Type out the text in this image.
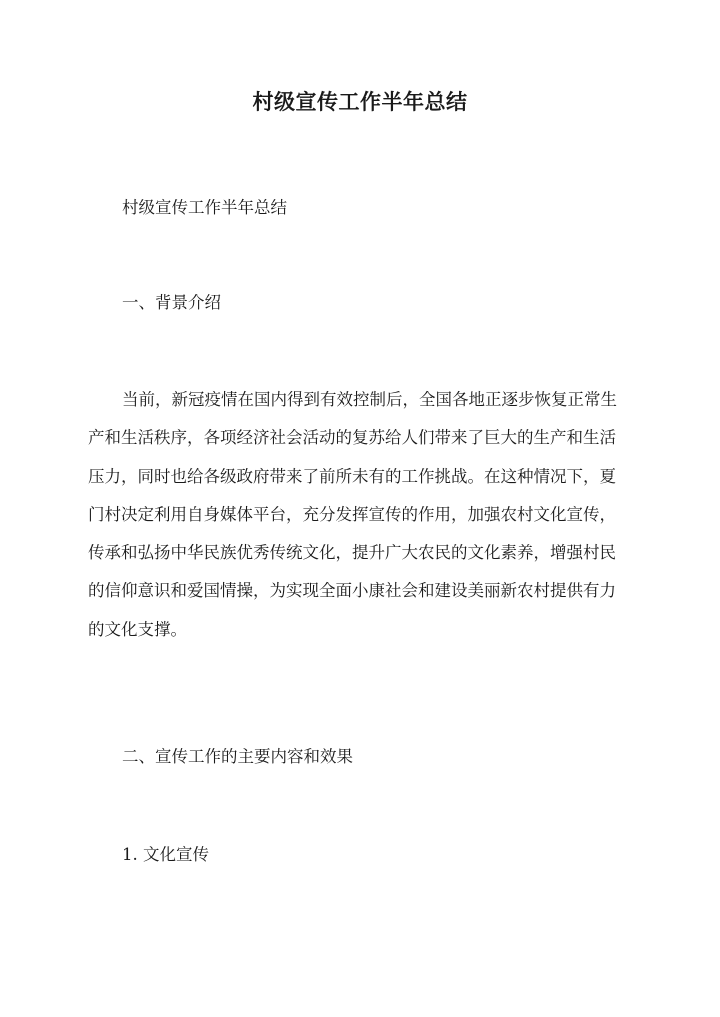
村级宣传工作半年总结
村级宣传工作半年总结
一、背景介绍

当前，新冠疫情在国内得到有效控制后，全国各地正逐步恢复正常生
产和生活秩序，各项经济社会活动的复苏给人们带来了巨大的生产和生活
压力，同时也给各级政府带来了前所未有的工作挑战。在这种情况下，夏
门村决定利用自身媒体平台，充分发挥宣传的作用，加强农村文化宣传，
传承和弘扬中华民族优秀传统文化，提升广大农民的文化素养，增强村民
的信仰意识和爱国情操，为实现全面小康社会和建设美丽新农村提供有力
的文化支撑。

二、宣传工作的主要内容和效果
1. 文化宣传
